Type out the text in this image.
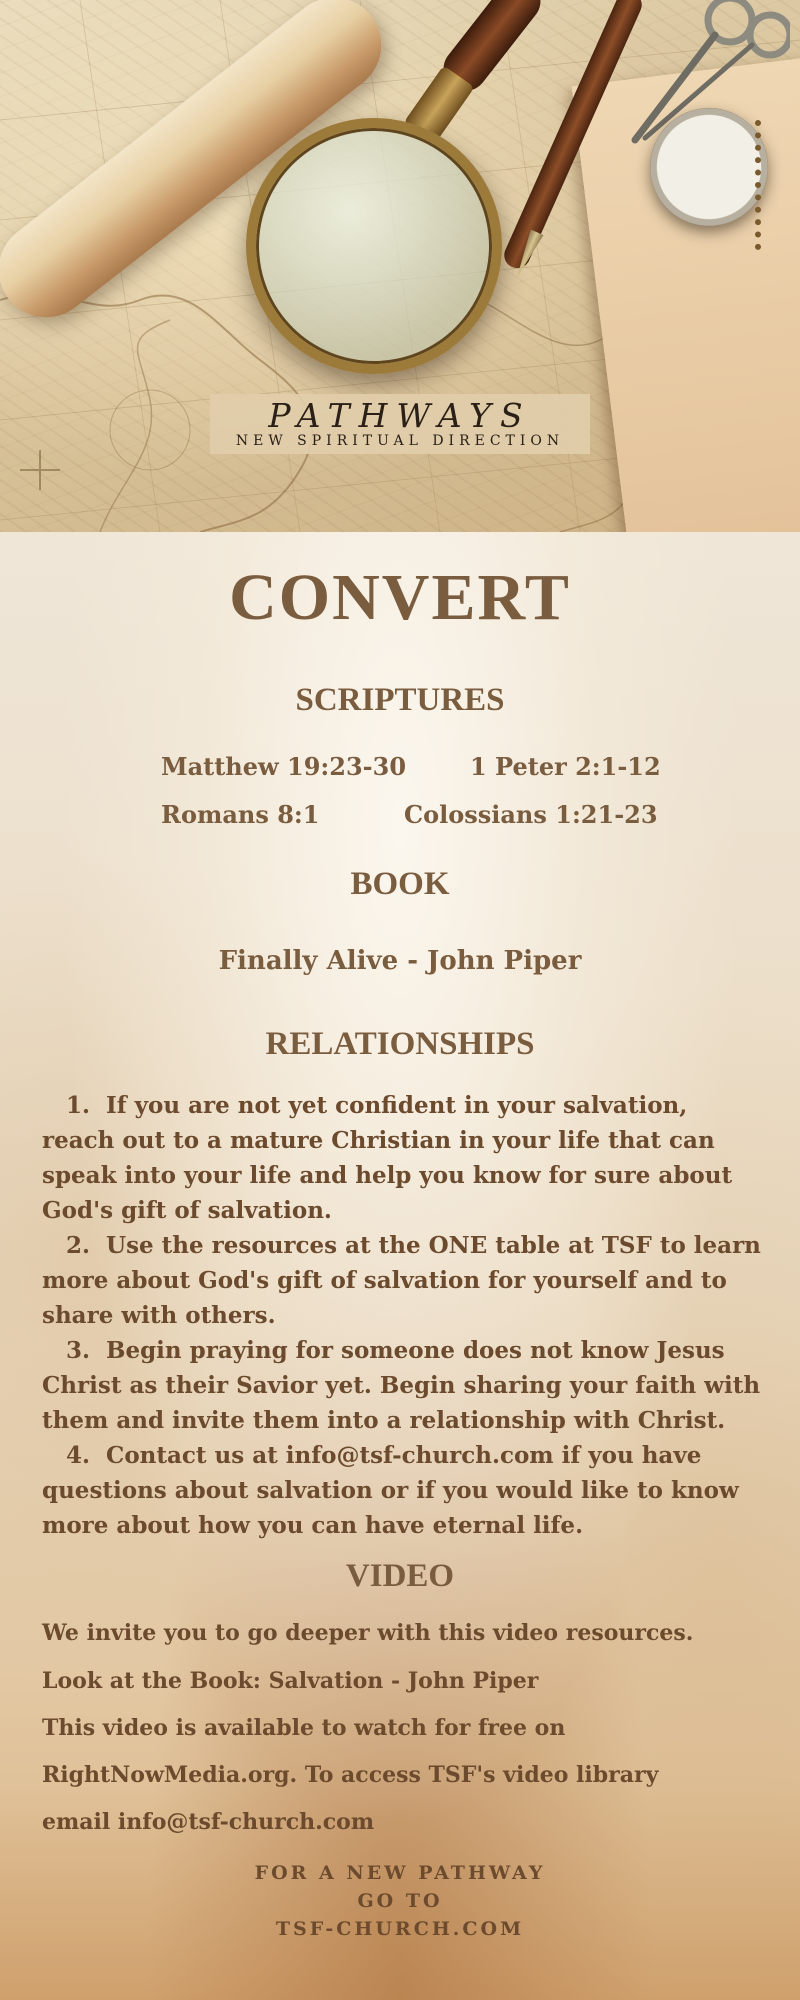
PATHWAYS

NEW SPIRITUAL DIRECTION

CONVERT
SCRIPTURES

Matthew 19:23-30	1 Peter 2:1-12

Romans 8:1	Colossians 1:21-23

BOOK

Finally Alive - John Piper

RELATIONSHIPS
1. If you are not yet confident in your salvation, reach out to a mature Christian in your life that can speak into your life and help you know for sure about God's gift of salvation.
2. Use the resources at the ONE table at TSF to learn more about God's gift of salvation for yourself and to share with others.
3. Begin praying for someone does not know Jesus Christ as their Savior yet. Begin sharing your faith with them and invite them into a relationship with Christ.
4. Contact us at info@tsf-church.com if you have questions about salvation or if you would like to know more about how you can have eternal life.
VIDEO

We invite you to go deeper with this video resources.

Look at the Book: Salvation - John Piper

This video is available to watch for free on

RightNowMedia.org. To access TSF's video library

email info@tsf-church.com

FOR A NEW PATHWAY

GO TO

TSF-CHURCH.COM
